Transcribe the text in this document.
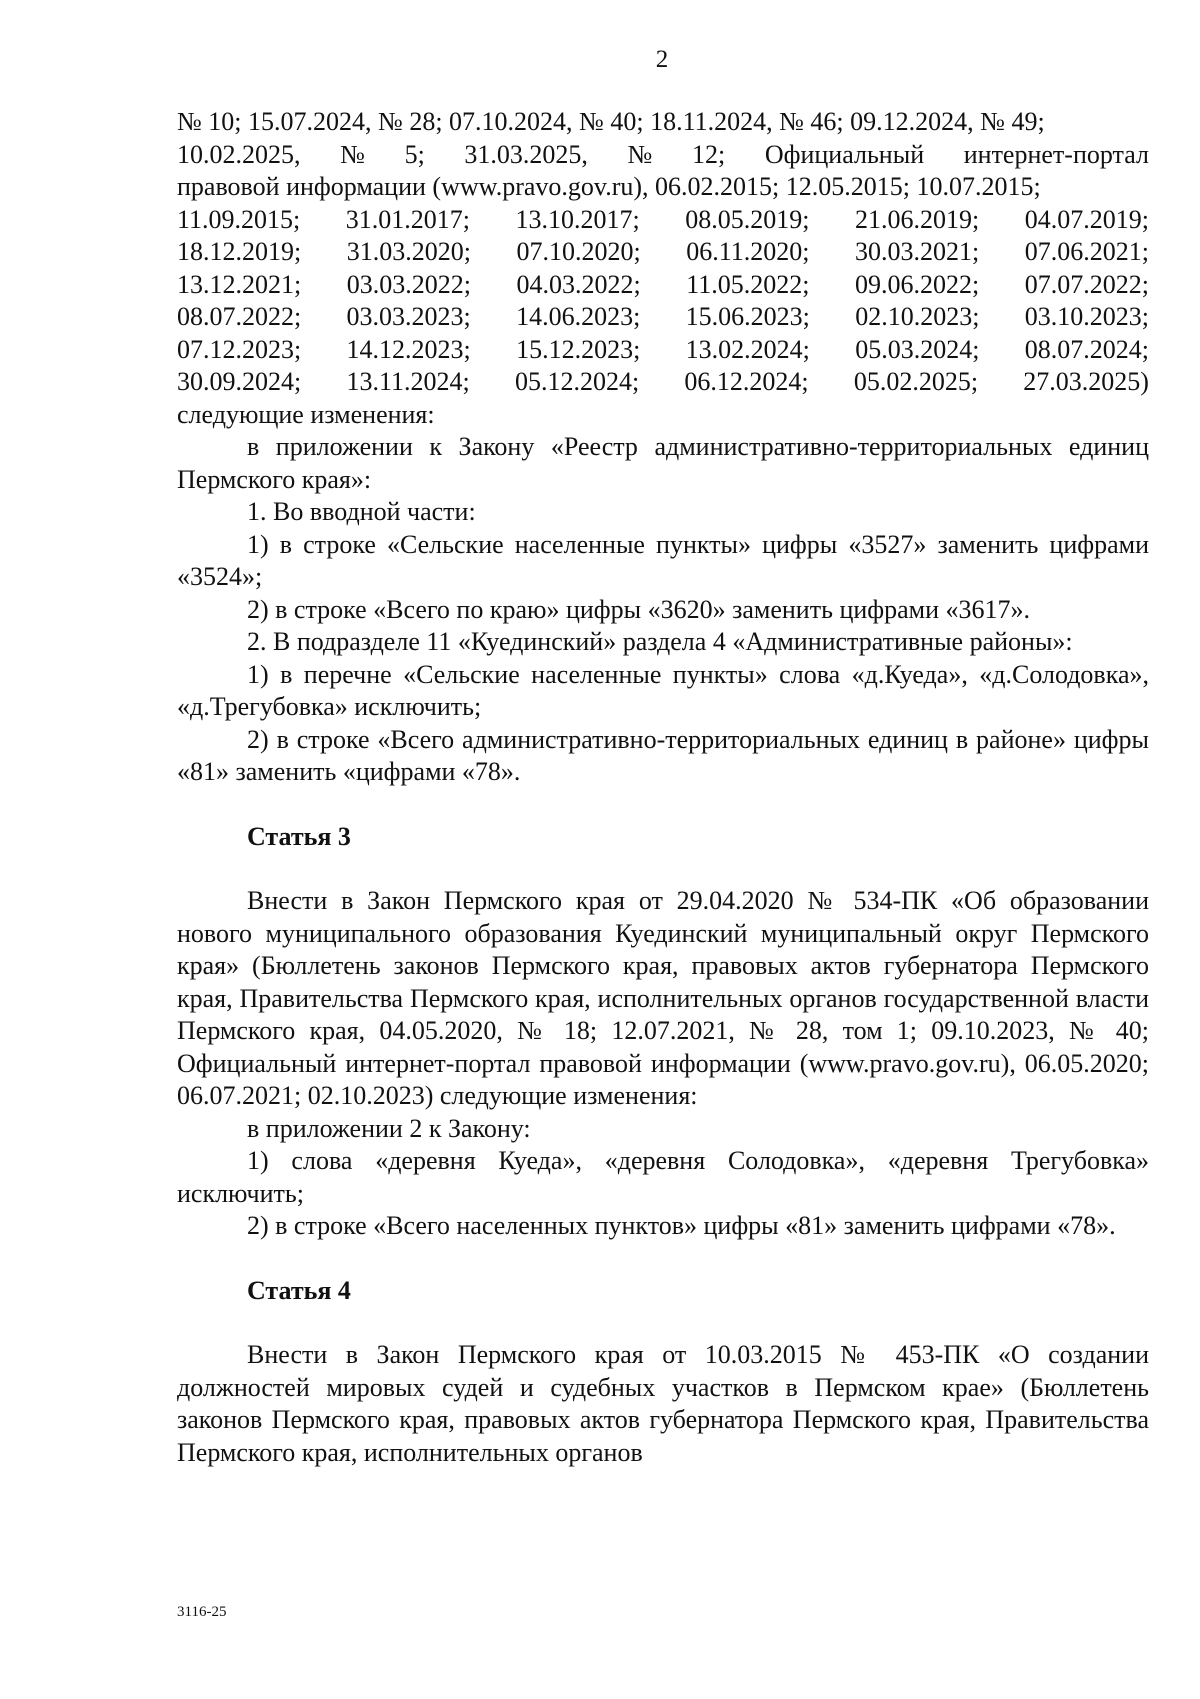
2
№ 10; 15.07.2024, № 28; 07.10.2024, № 40; 18.11.2024, № 46; 09.12.2024, № 49;
10.02.2025, № 5; 31.03.2025, № 12; Официальный интернет-портал
правовой информации (www.pravo.gov.ru), 06.02.2015; 12.05.2015; 10.07.2015;
11.09.2015; 31.01.2017; 13.10.2017; 08.05.2019; 21.06.2019; 04.07.2019;
18.12.2019; 31.03.2020; 07.10.2020; 06.11.2020; 30.03.2021; 07.06.2021;
13.12.2021; 03.03.2022; 04.03.2022; 11.05.2022; 09.06.2022; 07.07.2022;
08.07.2022; 03.03.2023; 14.06.2023; 15.06.2023; 02.10.2023; 03.10.2023;
07.12.2023; 14.12.2023; 15.12.2023; 13.02.2024; 05.03.2024; 08.07.2024;
30.09.2024; 13.11.2024; 05.12.2024; 06.12.2024; 05.02.2025; 27.03.2025)

следующие изменения:

в приложении к Закону «Реестр административно-территориальных единиц Пермского края»:

1. Во вводной части:

1) в строке «Сельские населенные пункты» цифры «3527» заменить цифрами «3524»;

2) в строке «Всего по краю» цифры «3620» заменить цифрами «3617».

2. В подразделе 11 «Куединский» раздела 4 «Административные районы»:

1) в перечне «Сельские населенные пункты» слова «д.Куеда», «д.Солодовка», «д.Трегубовка» исключить;

2) в строке «Всего административно-территориальных единиц в районе» цифры «81» заменить «цифрами «78».

Статья 3

Внести в Закон Пермского края от 29.04.2020 № 534-ПК «Об образовании нового муниципального образования Куединский муниципальный округ Пермского края» (Бюллетень законов Пермского края, правовых актов губернатора Пермского края, Правительства Пермского края, исполнительных органов государственной власти Пермского края, 04.05.2020, № 18; 12.07.2021, № 28, том 1; 09.10.2023, № 40; Официальный интернет-портал правовой информации (www.pravo.gov.ru), 06.05.2020; 06.07.2021; 02.10.2023) следующие изменения:

в приложении 2 к Закону:

1) слова «деревня Куеда», «деревня Солодовка», «деревня Трегубовка» исключить;

2) в строке «Всего населенных пунктов» цифры «81» заменить цифрами «78».

Статья 4

Внести в Закон Пермского края от 10.03.2015 № 453-ПК «О создании должностей мировых судей и судебных участков в Пермском крае» (Бюллетень законов Пермского края, правовых актов губернатора Пермского края, Правительства Пермского края, исполнительных органов

3116-25
